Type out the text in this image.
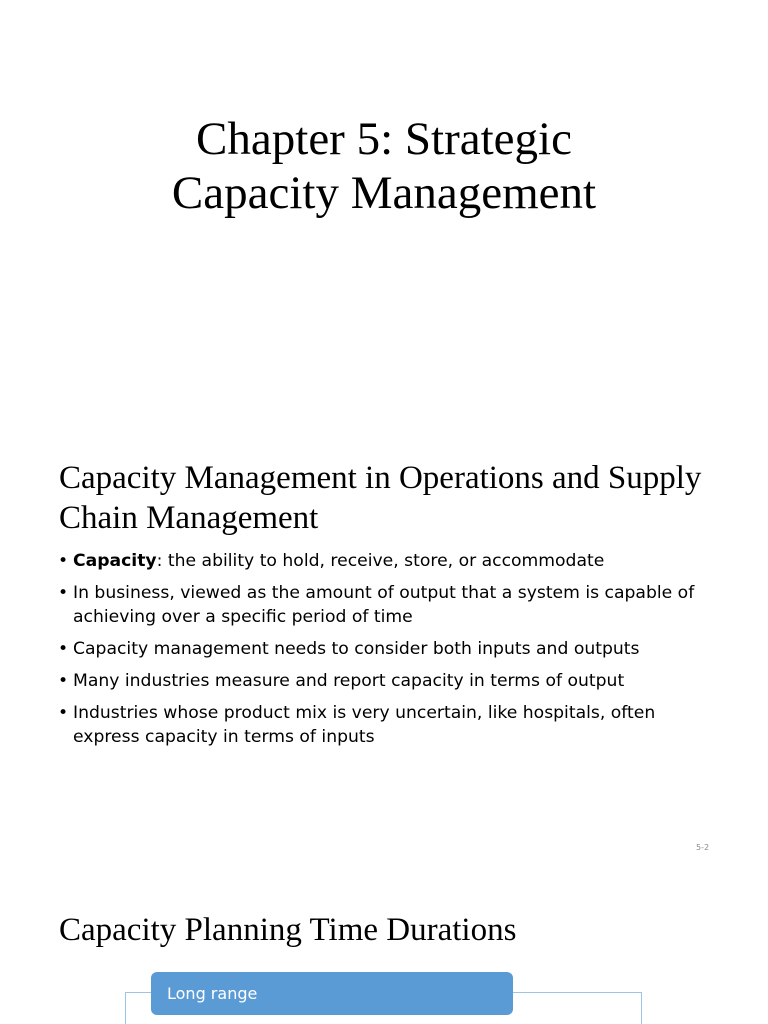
Chapter 5: Strategic
Capacity Management
Capacity Management in Operations and Supply Chain Management
• Capacity: the ability to hold, receive, store, or accommodate
• In business, viewed as the amount of output that a system is capable of achieving over a specific period of time
• Capacity management needs to consider both inputs and outputs
• Many industries measure and report capacity in terms of output
• Industries whose product mix is very uncertain, like hospitals, often express capacity in terms of inputs
5-2
Capacity Planning Time Durations
Long range
